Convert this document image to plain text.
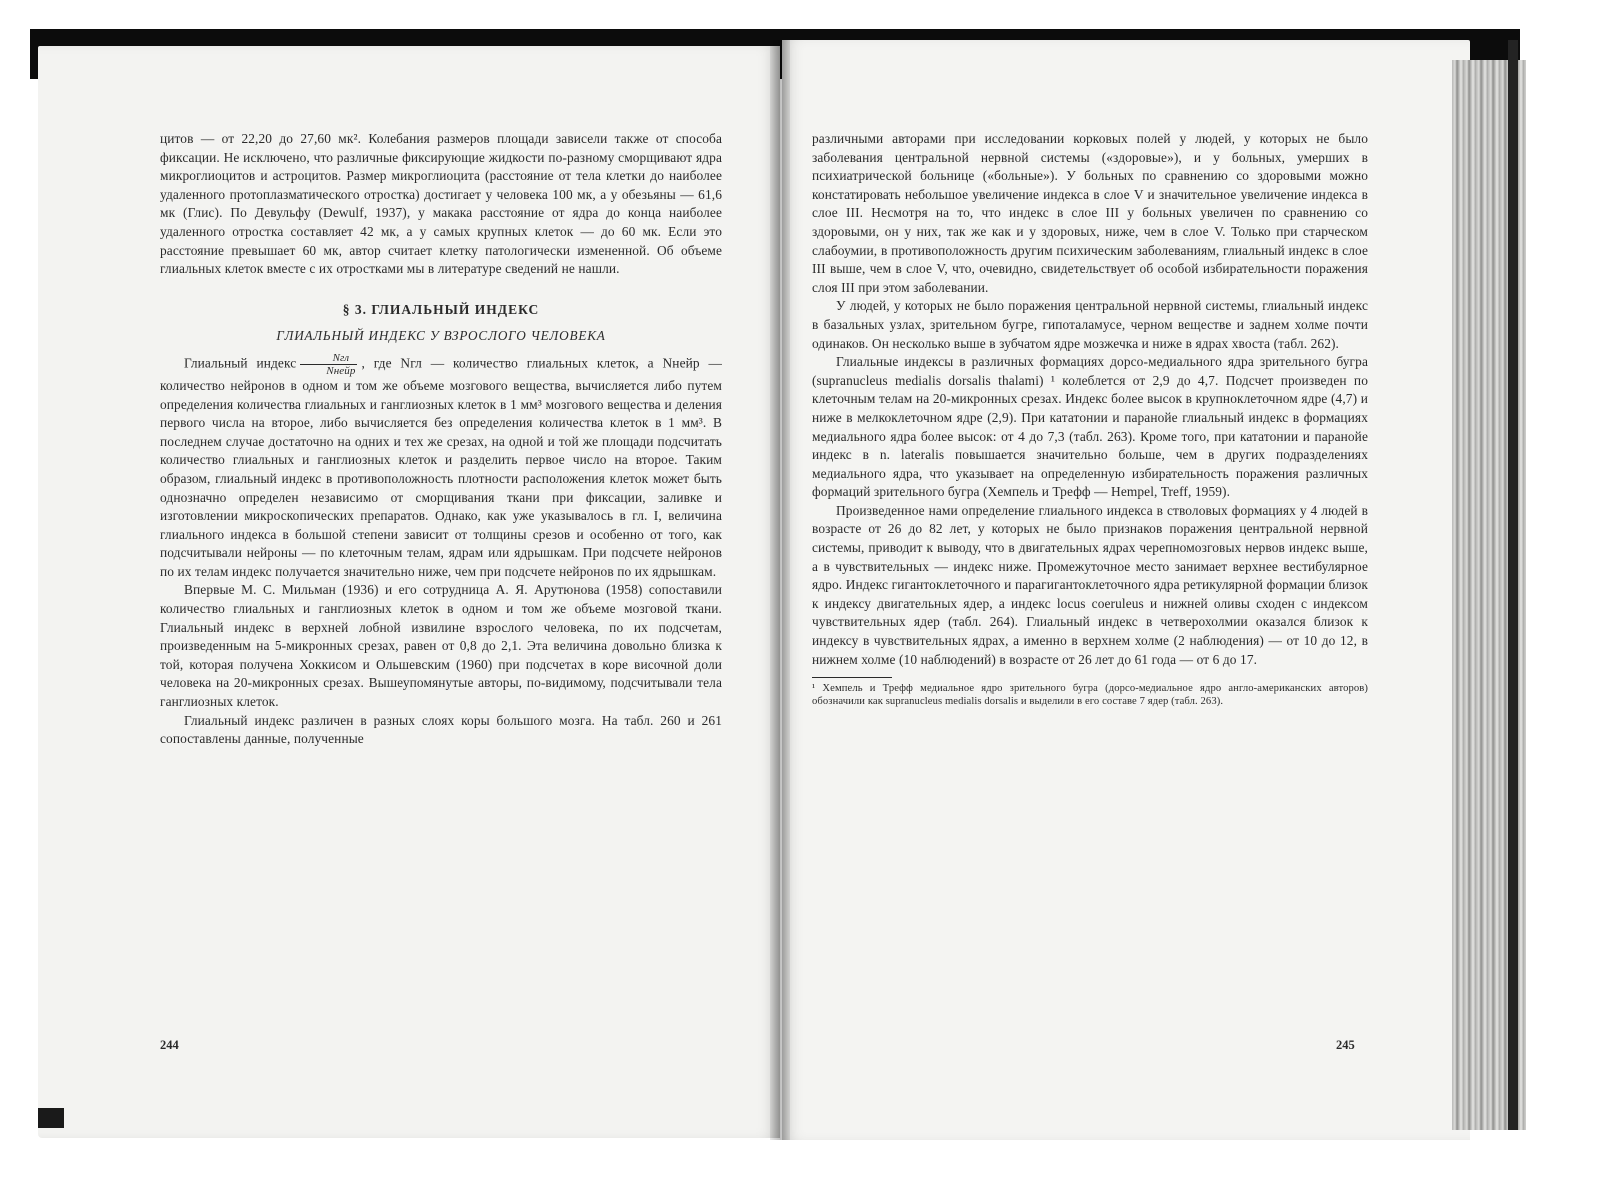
цитов — от 22,20 до 27,60 мк². Колебания размеров площади зависели также от способа фиксации. Не исключено, что различные фиксирующие жидкости по-разному сморщивают ядра микроглиоцитов и астроцитов. Размер микроглиоцита (расстояние от тела клетки до наиболее удаленного протоплазматического отростка) достигает у человека 100 мк, а у обезьяны — 61,6 мк (Глис). По Девульфу (Dewulf, 1937), у макака расстояние от ядра до конца наиболее удаленного отростка составляет 42 мк, а у самых крупных клеток — до 60 мк. Если это расстояние превышает 60 мк, автор считает клетку патологически измененной. Об объеме глиальных клеток вместе с их отростками мы в литературе сведений не нашли.

§ 3. ГЛИАЛЬНЫЙ ИНДЕКС
ГЛИАЛЬНЫЙ ИНДЕКС У ВЗРОСЛОГО ЧЕЛОВЕКА

Глиальный индекс $\frac{\text{Nгл}}{\text{Nнейр}}$ , где Nгл — количество глиальных клеток, а Nнейр — количество нейронов в одном и том же объеме мозгового вещества, вычисляется либо путем определения количества глиальных и ганглиозных клеток в 1 мм³ мозгового вещества и деления первого числа на второе, либо вычисляется без определения количества клеток в 1 мм³. В последнем случае достаточно на одних и тех же срезах, на одной и той же площади подсчитать количество глиальных и ганглиозных клеток и разделить первое число на второе. Таким образом, глиальный индекс в противоположность плотности расположения клеток может быть однозначно определен независимо от сморщивания ткани при фиксации, заливке и изготовлении микроскопических препаратов. Однако, как уже указывалось в гл. I, величина глиального индекса в большой степени зависит от толщины срезов и особенно от того, как подсчитывали нейроны — по клеточным телам, ядрам или ядрышкам. При подсчете нейронов по их телам индекс получается значительно ниже, чем при подсчете нейронов по их ядрышкам.

Впервые М. С. Мильман (1936) и его сотрудница А. Я. Арутюнова (1958) сопоставили количество глиальных и ганглиозных клеток в одном и том же объеме мозговой ткани. Глиальный индекс в верхней лобной извилине взрослого человека, по их подсчетам, произведенным на 5-микронных срезах, равен от 0,8 до 2,1. Эта величина довольно близка к той, которая получена Хоккисом и Ольшевским (1960) при подсчетах в коре височной доли человека на 20-микронных срезах. Вышеупомянутые авторы, по-видимому, подсчитывали тела ганглиозных клеток.

Глиальный индекс различен в разных слоях коры большого мозга. На табл. 260 и 261 сопоставлены данные, полученные

244

различными авторами при исследовании корковых полей у людей, у которых не было заболевания центральной нервной системы («здоровые»), и у больных, умерших в психиатрической больнице («больные»). У больных по сравнению со здоровыми можно констатировать небольшое увеличение индекса в слое V и значительное увеличение индекса в слое III. Несмотря на то, что индекс в слое III у больных увеличен по сравнению со здоровыми, он у них, так же как и у здоровых, ниже, чем в слое V. Только при старческом слабоумии, в противоположность другим психическим заболеваниям, глиальный индекс в слое III выше, чем в слое V, что, очевидно, свидетельствует об особой избирательности поражения слоя III при этом заболевании.

У людей, у которых не было поражения центральной нервной системы, глиальный индекс в базальных узлах, зрительном бугре, гипоталамусе, черном веществе и заднем холме почти одинаков. Он несколько выше в зубчатом ядре мозжечка и ниже в ядрах хвоста (табл. 262).

Глиальные индексы в различных формациях дорсо-медиального ядра зрительного бугра (supranucleus medialis dorsalis thalami) ¹ колеблется от 2,9 до 4,7. Подсчет произведен по клеточным телам на 20-микронных срезах. Индекс более высок в крупноклеточном ядре (4,7) и ниже в мелкоклеточном ядре (2,9). При кататонии и паранойе глиальный индекс в формациях медиального ядра более высок: от 4 до 7,3 (табл. 263). Кроме того, при кататонии и паранойе индекс в n. lateralis повышается значительно больше, чем в других подразделениях медиального ядра, что указывает на определенную избирательность поражения различных формаций зрительного бугра (Хемпель и Трефф — Hempel, Treff, 1959).

Произведенное нами определение глиального индекса в стволовых формациях у 4 людей в возрасте от 26 до 82 лет, у которых не было признаков поражения центральной нервной системы, приводит к выводу, что в двигательных ядрах черепномозговых нервов индекс выше, а в чувствительных — индекс ниже. Промежуточное место занимает верхнее вестибулярное ядро. Индекс гигантоклеточного и парагигантоклеточного ядра ретикулярной формации близок к индексу двигательных ядер, а индекс locus coeruleus и нижней оливы сходен с индексом чувствительных ядер (табл. 264). Глиальный индекс в четверохолмии оказался близок к индексу в чувствительных ядрах, а именно в верхнем холме (2 наблюдения) — от 10 до 12, в нижнем холме (10 наблюдений) в возрасте от 26 лет до 61 года — от 6 до 17.

¹ Хемпель и Трефф медиальное ядро зрительного бугра (дорсо-медиальное ядро англо-американских авторов) обозначили как supranucleus medialis dorsalis и выделили в его составе 7 ядер (табл. 263).
245
